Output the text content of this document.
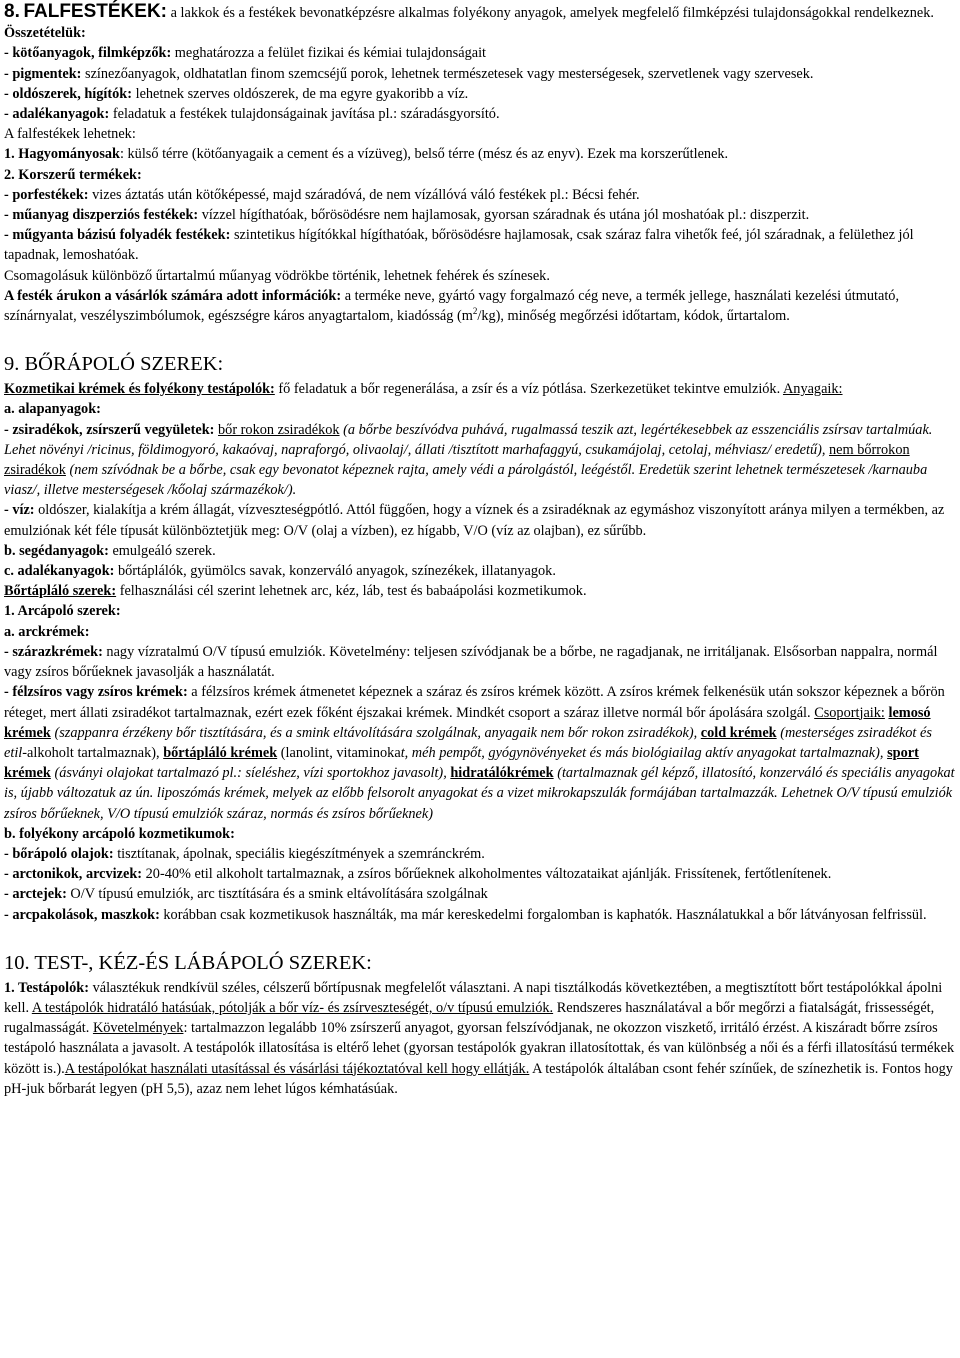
8. FALFESTÉKEK: a lakkok és a festékek bevonatképzésre alkalmas folyékony anyagok, amelyek megfelelő filmképzési tulajdonságokkal rendelkeznek. Összetételük:

- kötőanyagok, filmképzők: meghatározza a felület fizikai és kémiai tulajdonságait

- pigmentek: színezőanyagok, oldhatatlan finom szemcséjű porok, lehetnek természetesek vagy mesterségesek, szervetlenek vagy szervesek.

- oldószerek, hígítók: lehetnek szerves oldószerek, de ma egyre gyakoribb a víz.

- adalékanyagok: feladatuk a festékek tulajdonságainak javítása pl.: száradásgyorsító.

A falfestékek lehetnek:

1. Hagyományosak: külső térre (kötőanyagaik a cement és a vízüveg), belső térre (mész és az enyv). Ezek ma korszerűtlenek.

2. Korszerű termékek:

- porfestékek: vizes áztatás után kötőképessé, majd száradóvá, de nem vízállóvá váló festékek pl.: Bécsi fehér.

- műanyag diszperziós festékek: vízzel hígíthatóak, bőrösödésre nem hajlamosak, gyorsan száradnak és utána jól moshatóak pl.: diszperzit.

- műgyanta bázisú folyadék festékek: szintetikus hígítókkal hígíthatóak, bőrösödésre hajlamosak, csak száraz falra vihetők feé, jól száradnak, a felülethez jól tapadnak, lemoshatóak.

Csomagolásuk különböző űrtartalmú műanyag vödrökbe történik, lehetnek fehérek és színesek.

A festék árukon a vásárlók számára adott információk: a terméke neve, gyártó vagy forgalmazó cég neve, a termék jellege, használati kezelési útmutató, színárnyalat, veszélyszimbólumok, egészségre káros anyagtartalom, kiadósság $(m^2/kg)$, minőség megőrzési időtartam, kódok, űrtartalom.

9. BŐRÁPOLÓ SZEREK:

Kozmetikai krémek és folyékony testápolók: fő feladatuk a bőr regenerálása, a zsír és a víz pótlása. Szerkezetüket tekintve emulziók. Anyagaik:

a. alapanyagok:

- zsiradékok, zsírszerű vegyületek: bőr rokon zsiradékok (a bőrbe beszívódva puhává, rugalmassá teszik azt, legértékesebbek az esszenciális zsírsav tartalmúak. Lehet növényi /ricinus, földimogyoró, kakaóvaj, napraforgó, olivaolaj/, állati /tisztított marhafaggyú, csukamájolaj, cetolaj, méhviasz/ eredetű), nem bőrrokon zsiradékok (nem szívódnak be a bőrbe, csak egy bevonatot képeznek rajta, amely védi a párolgástól, leégéstől. Eredetük szerint lehetnek természetesek /karnauba viasz/, illetve mesterségesek /kőolaj származékok/).

- víz: oldószer, kialakítja a krém állagát, vízveszteségpótló. Attól függően, hogy a víznek és a zsiradéknak az egymáshoz viszonyított aránya milyen a termékben, az emulziónak két féle típusát különböztetjük meg: O/V (olaj a vízben), ez hígabb, V/O (víz az olajban), ez sűrűbb.

b. segédanyagok: emulgeáló szerek.

c. adalékanyagok: bőrtáplálók, gyümölcs savak, konzerváló anyagok, színezékek, illatanyagok.

Bőrtápláló szerek: felhasználási cél szerint lehetnek arc, kéz, láb, test és babaápolási kozmetikumok.

1. Arcápoló szerek:

a. arckrémek:

- szárazkrémek: nagy vízratalmú O/V típusú emulziók. Követelmény: teljesen szívódjanak be a bőrbe, ne ragadjanak, ne irritáljanak. Elsősorban nappalra, normál vagy zsíros bőrűeknek javasolják a használatát.

- félzsíros vagy zsíros krémek: a félzsíros krémek átmenetet képeznek a száraz és zsíros krémek között. A zsíros krémek felkenésük után sokszor képeznek a bőrön réteget, mert állati zsiradékot tartalmaznak, ezért ezek főként éjszakai krémek. Mindkét csoport a száraz illetve normál bőr ápolására szolgál. Csoportjaik: lemosó krémek (szappanra érzékeny bőr tisztítására, és a smink eltávolítására szolgálnak, anyagaik nem bőr rokon zsiradékok), cold krémek (mesterséges zsiradékot és etil-alkoholt tartalmaznak), bőrtápláló krémek (lanolint, vitaminokat, méh pempőt, gyógynövényeket és más biológiailag aktív anyagokat tartalmaznak), sport krémek (ásványi olajokat tartalmazó pl.: síeléshez, vízi sportokhoz javasolt), hidratálókrémek (tartalmaznak gél képző, illatosító, konzerváló és speciális anyagokat is, újabb változatuk az ún. liposzómás krémek, melyek az előbb felsorolt anyagokat és a vizet mikrokapszulák formájában tartalmazzák. Lehetnek O/V típusú emulziók zsíros bőrűeknek, V/O típusú emulziók száraz, normás és zsíros bőrűeknek)

b. folyékony arcápoló kozmetikumok:

- bőrápoló olajok: tisztítanak, ápolnak, speciális kiegészítmények a szemránckrém.

- arctonikok, arcvizek: 20-40% etil alkoholt tartalmaznak, a zsíros bőrűeknek alkoholmentes változataikat ajánlják. Frissítenek, fertőtlenítenek.

- arctejek: O/V típusú emulziók, arc tisztítására és a smink eltávolítására szolgálnak

- arcpakolások, maszkok: korábban csak kozmetikusok használták, ma már kereskedelmi forgalomban is kaphatók. Használatukkal a bőr látványosan felfrissül.

10. TEST-, KÉZ-ÉS LÁBÁPOLÓ SZEREK:

1. Testápolók: választékuk rendkívül széles, célszerű bőrtípusnak megfelelőt választani. A napi tisztálkodás következtében, a megtisztított bőrt testápolókkal ápolni kell. A testápolók hidratáló hatásúak, pótolják a bőr víz- és zsírveszteségét, o/v típusú emulziók. Rendszeres használatával a bőr megőrzi a fiatalságát, frissességét, rugalmasságát. Követelmények: tartalmazzon legalább 10% zsírszerű anyagot, gyorsan felszívódjanak, ne okozzon viszkető, irritáló érzést. A kiszáradt bőrre zsíros testápoló használata a javasolt. A testápolók illatosítása is eltérő lehet (gyorsan testápolók gyakran illatosítottak, és van különbség a női és a férfi illatosítású termékek között is.).A testápolókat használati utasítással és vásárlási tájékoztatóval kell hogy ellátják. A testápolók általában csont fehér színűek, de színezhetik is. Fontos hogy pH-juk bőrbarát legyen (pH 5,5), azaz nem lehet lúgos kémhatásúak.
